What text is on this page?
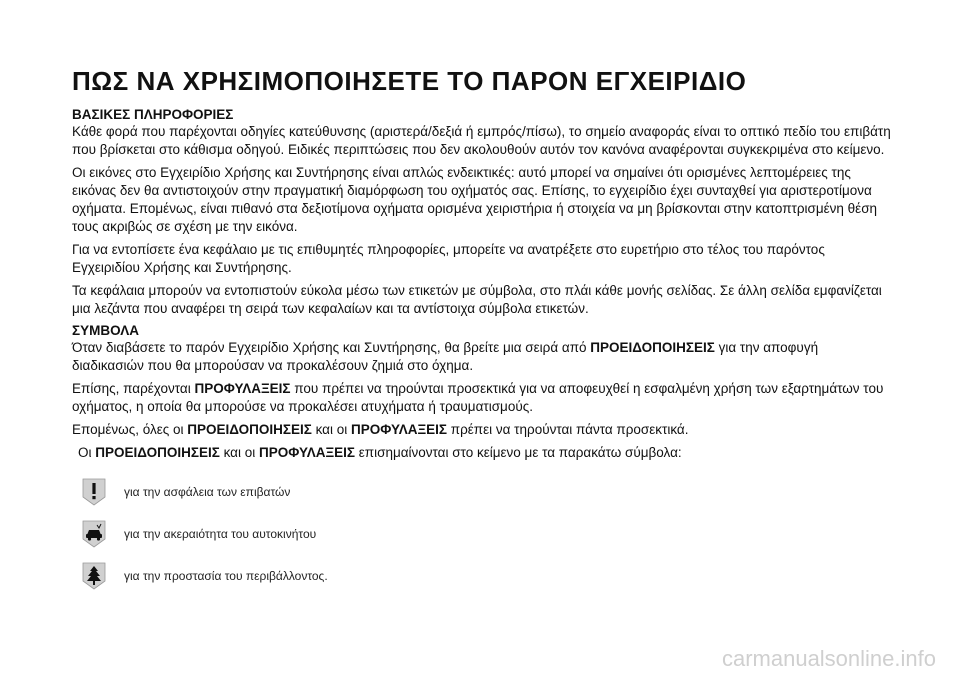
ΠΩΣ ΝΑ ΧΡΗΣΙΜΟΠΟΙΗΣΕΤΕ ΤΟ ΠΑΡΟΝ ΕΓΧΕΙΡΙΔΙΟ
ΒΑΣΙΚΕΣ ΠΛΗΡΟΦΟΡΙΕΣ

Κάθε φορά που παρέχονται οδηγίες κατεύθυνσης (αριστερά/δεξιά ή εμπρός/πίσω), το σημείο αναφοράς είναι το οπτικό πεδίο του επιβάτη που βρίσκεται στο κάθισμα οδηγού. Ειδικές περιπτώσεις που δεν ακολουθούν αυτόν τον κανόνα αναφέρονται συγκεκριμένα στο κείμενο.

Οι εικόνες στο Εγχειρίδιο Χρήσης και Συντήρησης είναι απλώς ενδεικτικές: αυτό μπορεί να σημαίνει ότι ορισμένες λεπτομέρειες της εικόνας δεν θα αντιστοιχούν στην πραγματική διαμόρφωση του οχήματός σας. Επίσης, το εγχειρίδιο έχει συνταχθεί για αριστεροτίμονα οχήματα. Επομένως, είναι πιθανό στα δεξιοτίμονα οχήματα ορισμένα χειριστήρια ή στοιχεία να μη βρίσκονται στην κατοπτρισμένη θέση τους ακριβώς σε σχέση με την εικόνα.

Για να εντοπίσετε ένα κεφάλαιο με τις επιθυμητές πληροφορίες, μπορείτε να ανατρέξετε στο ευρετήριο στο τέλος του παρόντος Εγχειριδίου Χρήσης και Συντήρησης.

Τα κεφάλαια μπορούν να εντοπιστούν εύκολα μέσω των ετικετών με σύμβολα, στο πλάι κάθε μονής σελίδας. Σε άλλη σελίδα εμφανίζεται μια λεζάντα που αναφέρει τη σειρά των κεφαλαίων και τα αντίστοιχα σύμβολα ετικετών.

ΣΥΜΒΟΛΑ

Όταν διαβάσετε το παρόν Εγχειρίδιο Χρήσης και Συντήρησης, θα βρείτε μια σειρά από ΠΡΟΕΙΔΟΠΟΙΗΣΕΙΣ για την αποφυγή διαδικασιών που θα μπορούσαν να προκαλέσουν ζημιά στο όχημα.

Επίσης, παρέχονται ΠΡΟΦΥΛΑΞΕΙΣ που πρέπει να τηρούνται προσεκτικά για να αποφευχθεί η εσφαλμένη χρήση των εξαρτημάτων του οχήματος, η οποία θα μπορούσε να προκαλέσει ατυχήματα ή τραυματισμούς.

Επομένως, όλες οι ΠΡΟΕΙΔΟΠΟΙΗΣΕΙΣ και οι ΠΡΟΦΥΛΑΞΕΙΣ πρέπει να τηρούνται πάντα προσεκτικά.

Οι ΠΡΟΕΙΔΟΠΟΙΗΣΕΙΣ και οι ΠΡΟΦΥΛΑΞΕΙΣ επισημαίνονται στο κείμενο με τα παρακάτω σύμβολα:

για την ασφάλεια των επιβατών
για την ακεραιότητα του αυτοκινήτου
για την προστασία του περιβάλλοντος.
carmanualsonline.info
